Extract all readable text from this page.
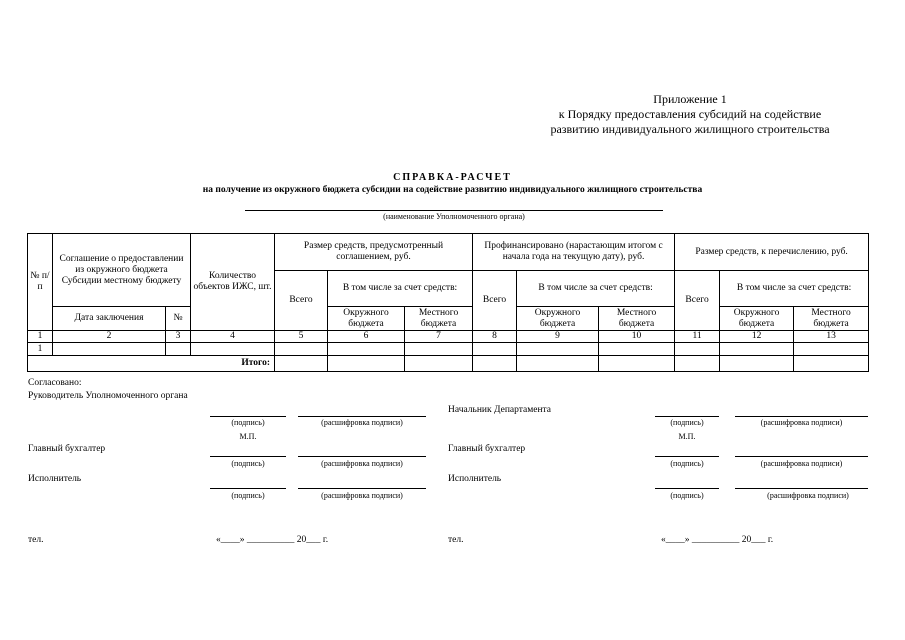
Приложение 1
к Порядку предоставления субсидий на содействие
развитию индивидуального жилищного строительства
СПРАВКА-РАСЧЕТ
на получение из окружного бюджета субсидии на содействие развитию индивидуального жилищного строительства
(наименование Уполномоченного органа)
№ п/п	Соглашение о предоставлении из окружного бюджета Субсидии местному бюджету		Количество объектов ИЖС, шт.	Размер средств, предусмотренный соглашением, руб.			Профинансировано (нарастающим итогом с начала года на текущую дату), руб.			Размер средств, к перечислению, руб.		
				Всего	В том числе за счет средств:		Всего	В том числе за счет средств:		Всего	В том числе за счет средств:	
	Дата заключения	№			Окружного бюджета	Местного бюджета		Окружного бюджета	Местного бюджета		Окружного бюджета	Местного бюджета
1	2	3	4	5	6	7	8	9	10	11	12	13
1												
Итого:												
Согласовано:
Руководитель Уполномоченного органа
(подпись)	(расшифровка подписи)
М.П.
Начальник Департамента
(подпись)	(расшифровка подписи)
М.П.
Главный бухгалтер
(подпись)	(расшифровка подписи)
Главный бухгалтер
(подпись)	(расшифровка подписи)
Исполнитель
(подпись)	(расшифровка подписи)
Исполнитель
(подпись)	(расшифровка подписи)
тел.	«____» __________ 20___ г.	тел.	«____» __________ 20___ г.
